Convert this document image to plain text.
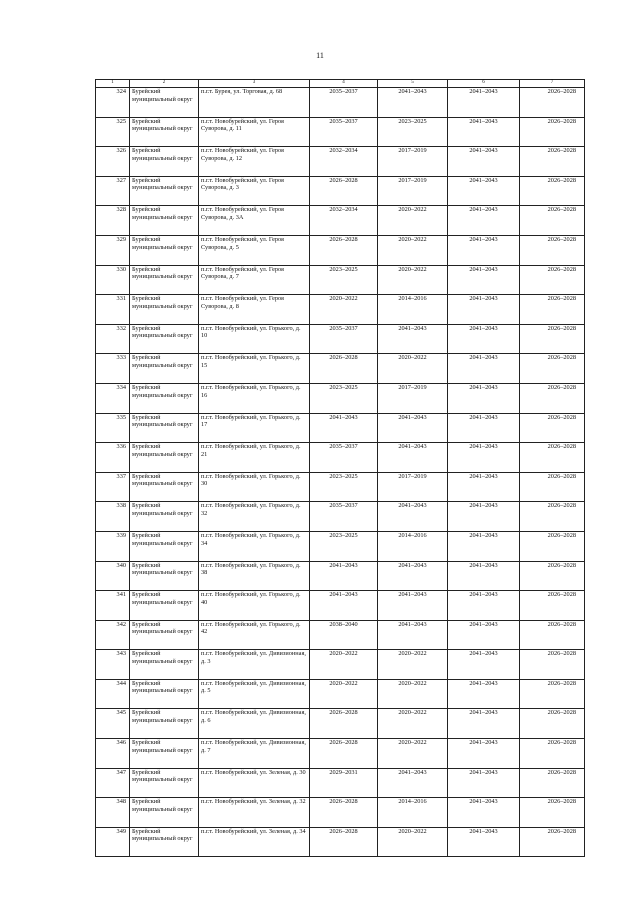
11
1	2	3	4	5	6	7
324	Бурейский муниципальный округ	п.г.т. Бурея, ул. Торговая, д. 68	2035–2037	2041–2043	2041–2043	2026–2028
325	Бурейский муниципальный округ	п.г.т. Новобурейский, ул. Героя Суворова, д. 11	2035–2037	2023–2025	2041–2043	2026–2028
326	Бурейский муниципальный округ	п.г.т. Новобурейский, ул. Героя Суворова, д. 12	2032–2034	2017–2019	2041–2043	2026–2028
327	Бурейский муниципальный округ	п.г.т. Новобурейский, ул. Героя Суворова, д. 3	2026–2028	2017–2019	2041–2043	2026–2028
328	Бурейский муниципальный округ	п.г.т. Новобурейский, ул. Героя Суворова, д. 3А	2032–2034	2020–2022	2041–2043	2026–2028
329	Бурейский муниципальный округ	п.г.т. Новобурейский, ул. Героя Суворова, д. 5	2026–2028	2020–2022	2041–2043	2026–2028
330	Бурейский муниципальный округ	п.г.т. Новобурейский, ул. Героя Суворова, д. 7	2023–2025	2020–2022	2041–2043	2026–2028
331	Бурейский муниципальный округ	п.г.т. Новобурейский, ул. Героя Суворова, д. 8	2020–2022	2014–2016	2041–2043	2026–2028
332	Бурейский муниципальный округ	п.г.т. Новобурейский, ул. Горького, д. 10	2035–2037	2041–2043	2041–2043	2026–2028
333	Бурейский муниципальный округ	п.г.т. Новобурейский, ул. Горького, д. 15	2026–2028	2020–2022	2041–2043	2026–2028
334	Бурейский муниципальный округ	п.г.т. Новобурейский, ул. Горького, д. 16	2023–2025	2017–2019	2041–2043	2026–2028
335	Бурейский муниципальный округ	п.г.т. Новобурейский, ул. Горького, д. 17	2041–2043	2041–2043	2041–2043	2026–2028
336	Бурейский муниципальный округ	п.г.т. Новобурейский, ул. Горького, д. 21	2035–2037	2041–2043	2041–2043	2026–2028
337	Бурейский муниципальный округ	п.г.т. Новобурейский, ул. Горького, д. 30	2023–2025	2017–2019	2041–2043	2026–2028
338	Бурейский муниципальный округ	п.г.т. Новобурейский, ул. Горького, д. 32	2035–2037	2041–2043	2041–2043	2026–2028
339	Бурейский муниципальный округ	п.г.т. Новобурейский, ул. Горького, д. 34	2023–2025	2014–2016	2041–2043	2026–2028
340	Бурейский муниципальный округ	п.г.т. Новобурейский, ул. Горького, д. 38	2041–2043	2041–2043	2041–2043	2026–2028
341	Бурейский муниципальный округ	п.г.т. Новобурейский, ул. Горького, д. 40	2041–2043	2041–2043	2041–2043	2026–2028
342	Бурейский муниципальный округ	п.г.т. Новобурейский, ул. Горького, д. 42	2038–2040	2041–2043	2041–2043	2026–2028
343	Бурейский муниципальный округ	п.г.т. Новобурейский, ул. Дивизионная, д. 3	2020–2022	2020–2022	2041–2043	2026–2028
344	Бурейский муниципальный округ	п.г.т. Новобурейский, ул. Дивизионная, д. 5	2020–2022	2020–2022	2041–2043	2026–2028
345	Бурейский муниципальный округ	п.г.т. Новобурейский, ул. Дивизионная, д. 6	2026–2028	2020–2022	2041–2043	2026–2028
346	Бурейский муниципальный округ	п.г.т. Новобурейский, ул. Дивизионная, д. 7	2026–2028	2020–2022	2041–2043	2026–2028
347	Бурейский муниципальный округ	п.г.т. Новобурейский, ул. Зеленая, д. 30	2029–2031	2041–2043	2041–2043	2026–2028
348	Бурейский муниципальный округ	п.г.т. Новобурейский, ул. Зеленая, д. 32	2026–2028	2014–2016	2041–2043	2026–2028
349	Бурейский муниципальный округ	п.г.т. Новобурейский, ул. Зеленая, д. 34	2026–2028	2020–2022	2041–2043	2026–2028
